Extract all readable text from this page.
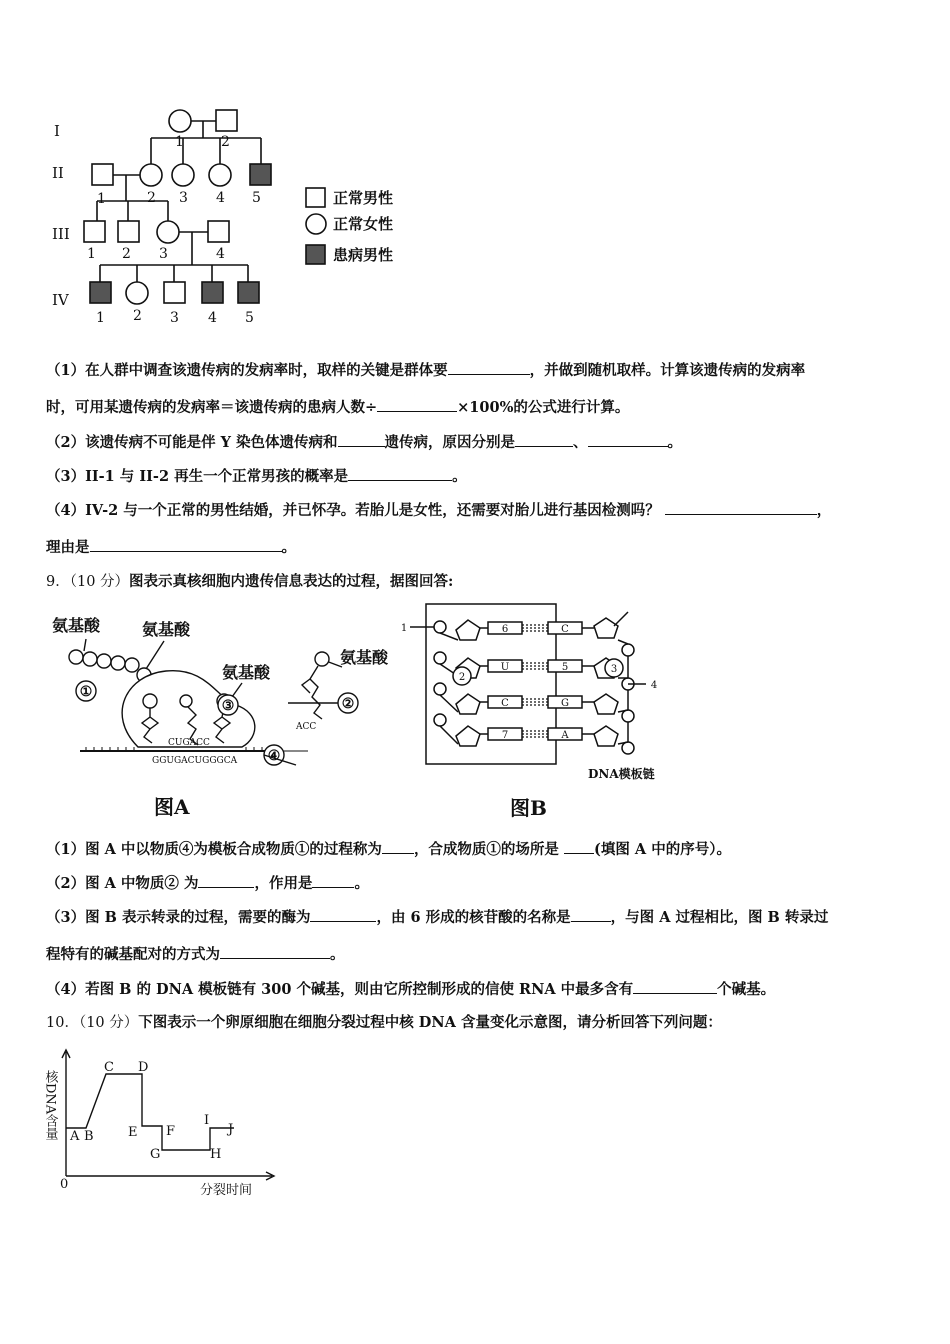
I
II
III
IV
1	2
1	2 3 4 5
1 2 3	4
1 2 3 4 5
正常男性
正常女性
患病男性
（1）在人群中调查该遗传病的发病率时，取样的关键是群体要	，并做到随机取样。计算该遗传病的发病率
时，可用某遗传病的发病率＝该遗传病的患病人数÷	×100%的公式进行计算。
（2）该遗传病不可能是伴 Y 染色体遗传病和	遗传病，原因分别是	、	。
（3）II-1 与 II-2 再生一个正常男孩的概率是	。
（4）IV-2 与一个正常的男性结婚，并已怀孕。若胎儿是女性，还需要对胎儿进行基因检测吗？	，
理由是	。
9．（10 分）图表示真核细胞内遗传信息表达的过程，据图回答:
氨基酸	氨基酸
氨基酸
氨基酸
CUGACC
GGUGACUGGGCA
ACC
①
③	②
④
图A
6
U
C
7
C
5
G
A
1
2
3
4
DNA模板链
图B
（1）图 A 中以物质④为模板合成物质①的过程称为 ，合成物质①的场所是 (填图 A 中的序号）。
（2）图 A 中物质② 为	，作用是	。
（3）图 B 表示转录的过程，需要的酶为	，由 6 形成的核苷酸的名称是	，与图 A 过程相比，图 B 转录过
程特有的碱基配对的方式为	。
（4）若图 B 的 DNA 模板链有 300 个碱基，则由它所控制形成的信使 RNA 中最多含有	个碱基。
10．（10 分）下图表示一个卵原细胞在细胞分裂过程中核 DNA 含量变化示意图，请分析回答下列问题：
A B
C D
E F
G	H
I
J
0	分裂时间
核DNA含量
